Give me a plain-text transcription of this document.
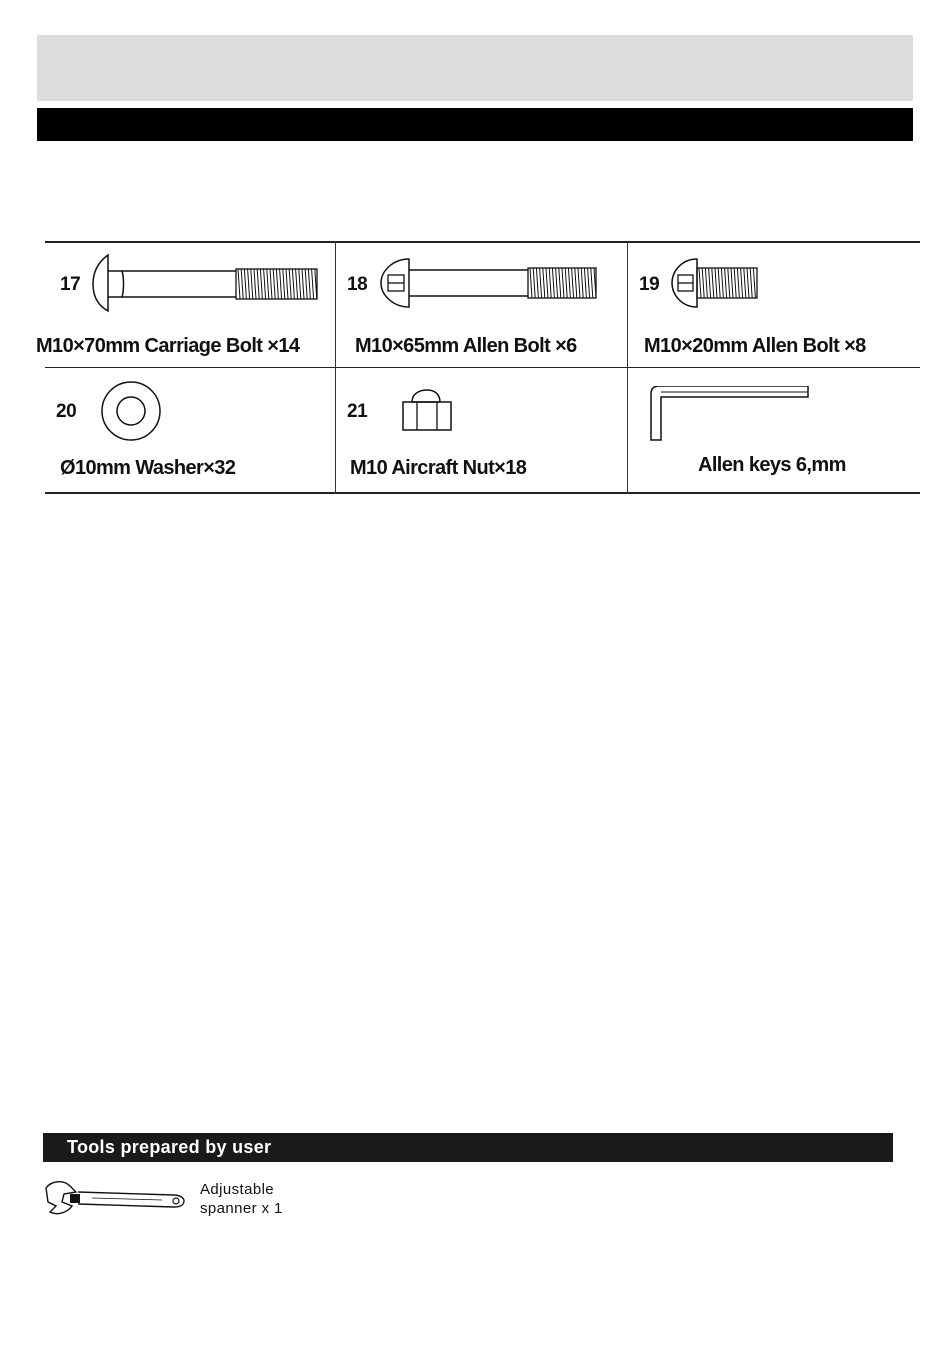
17
M10×70mm Carriage Bolt ×14
18
M10×65mm Allen Bolt ×6
19
M10×20mm Allen Bolt ×8
20
Ø10mm Washer×32
21
M10 Aircraft Nut×18	Allen keys 6,mm
Tools prepared by user
Adjustable
spanner x 1
